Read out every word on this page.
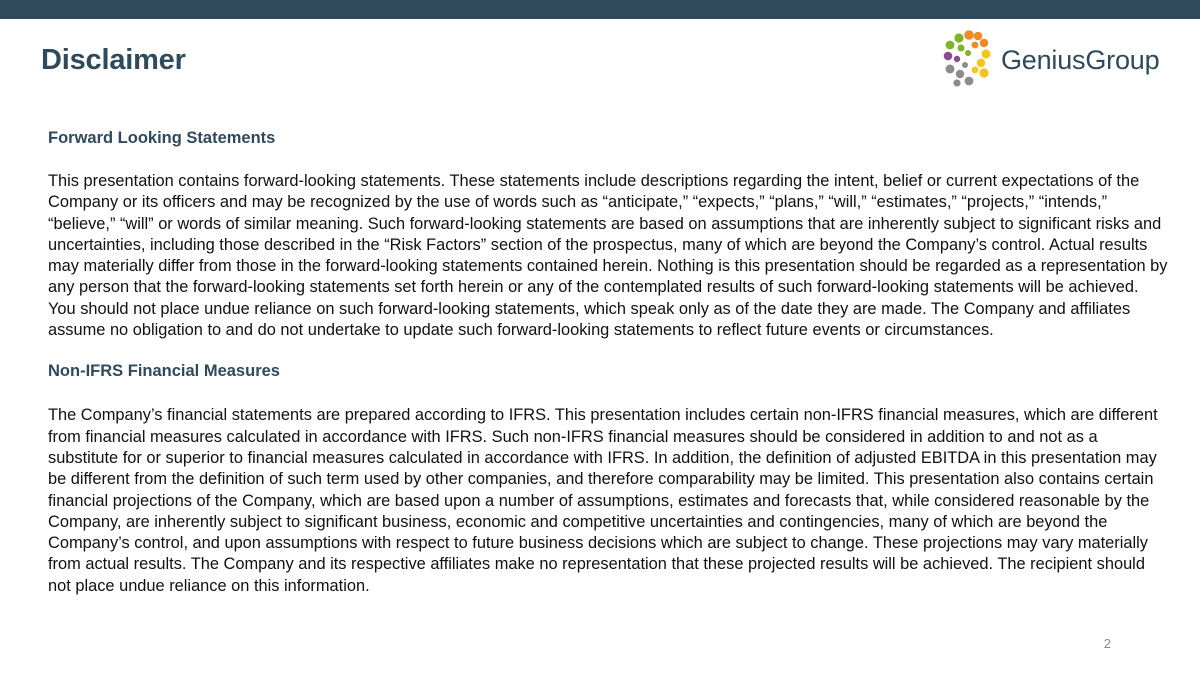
Disclaimer	GeniusGroup
Forward Looking Statements

This presentation contains forward-looking statements. These statements include descriptions regarding the intent, belief or current expectations of the Company or its officers and may be recognized by the use of words such as “anticipate,” “expects,” “plans,” “will,” “estimates,” “projects,” “intends,” “believe,” “will” or words of similar meaning. Such forward-looking statements are based on assumptions that are inherently subject to significant risks and uncertainties, including those described in the “Risk Factors” section of the prospectus, many of which are beyond the Company’s control. Actual results may materially differ from those in the forward-looking statements contained herein. Nothing is this presentation should be regarded as a representation by any person that the forward-looking statements set forth herein or any of the contemplated results of such forward-looking statements will be achieved. You should not place undue reliance on such forward-looking statements, which speak only as of the date they are made. The Company and affiliates assume no obligation to and do not undertake to update such forward-looking statements to reflect future events or circumstances.

Non-IFRS Financial Measures

The Company’s financial statements are prepared according to IFRS. This presentation includes certain non-IFRS financial measures, which are different from financial measures calculated in accordance with IFRS. Such non-IFRS financial measures should be considered in addition to and not as a substitute for or superior to financial measures calculated in accordance with IFRS. In addition, the definition of adjusted EBITDA in this presentation may be different from the definition of such term used by other companies, and therefore comparability may be limited. This presentation also contains certain financial projections of the Company, which are based upon a number of assumptions, estimates and forecasts that, while considered reasonable by the Company, are inherently subject to significant business, economic and competitive uncertainties and contingencies, many of which are beyond the Company’s control, and upon assumptions with respect to future business decisions which are subject to change. These projections may vary materially from actual results. The Company and its respective affiliates make no representation that these projected results will be achieved. The recipient should not place undue reliance on this information.

2
